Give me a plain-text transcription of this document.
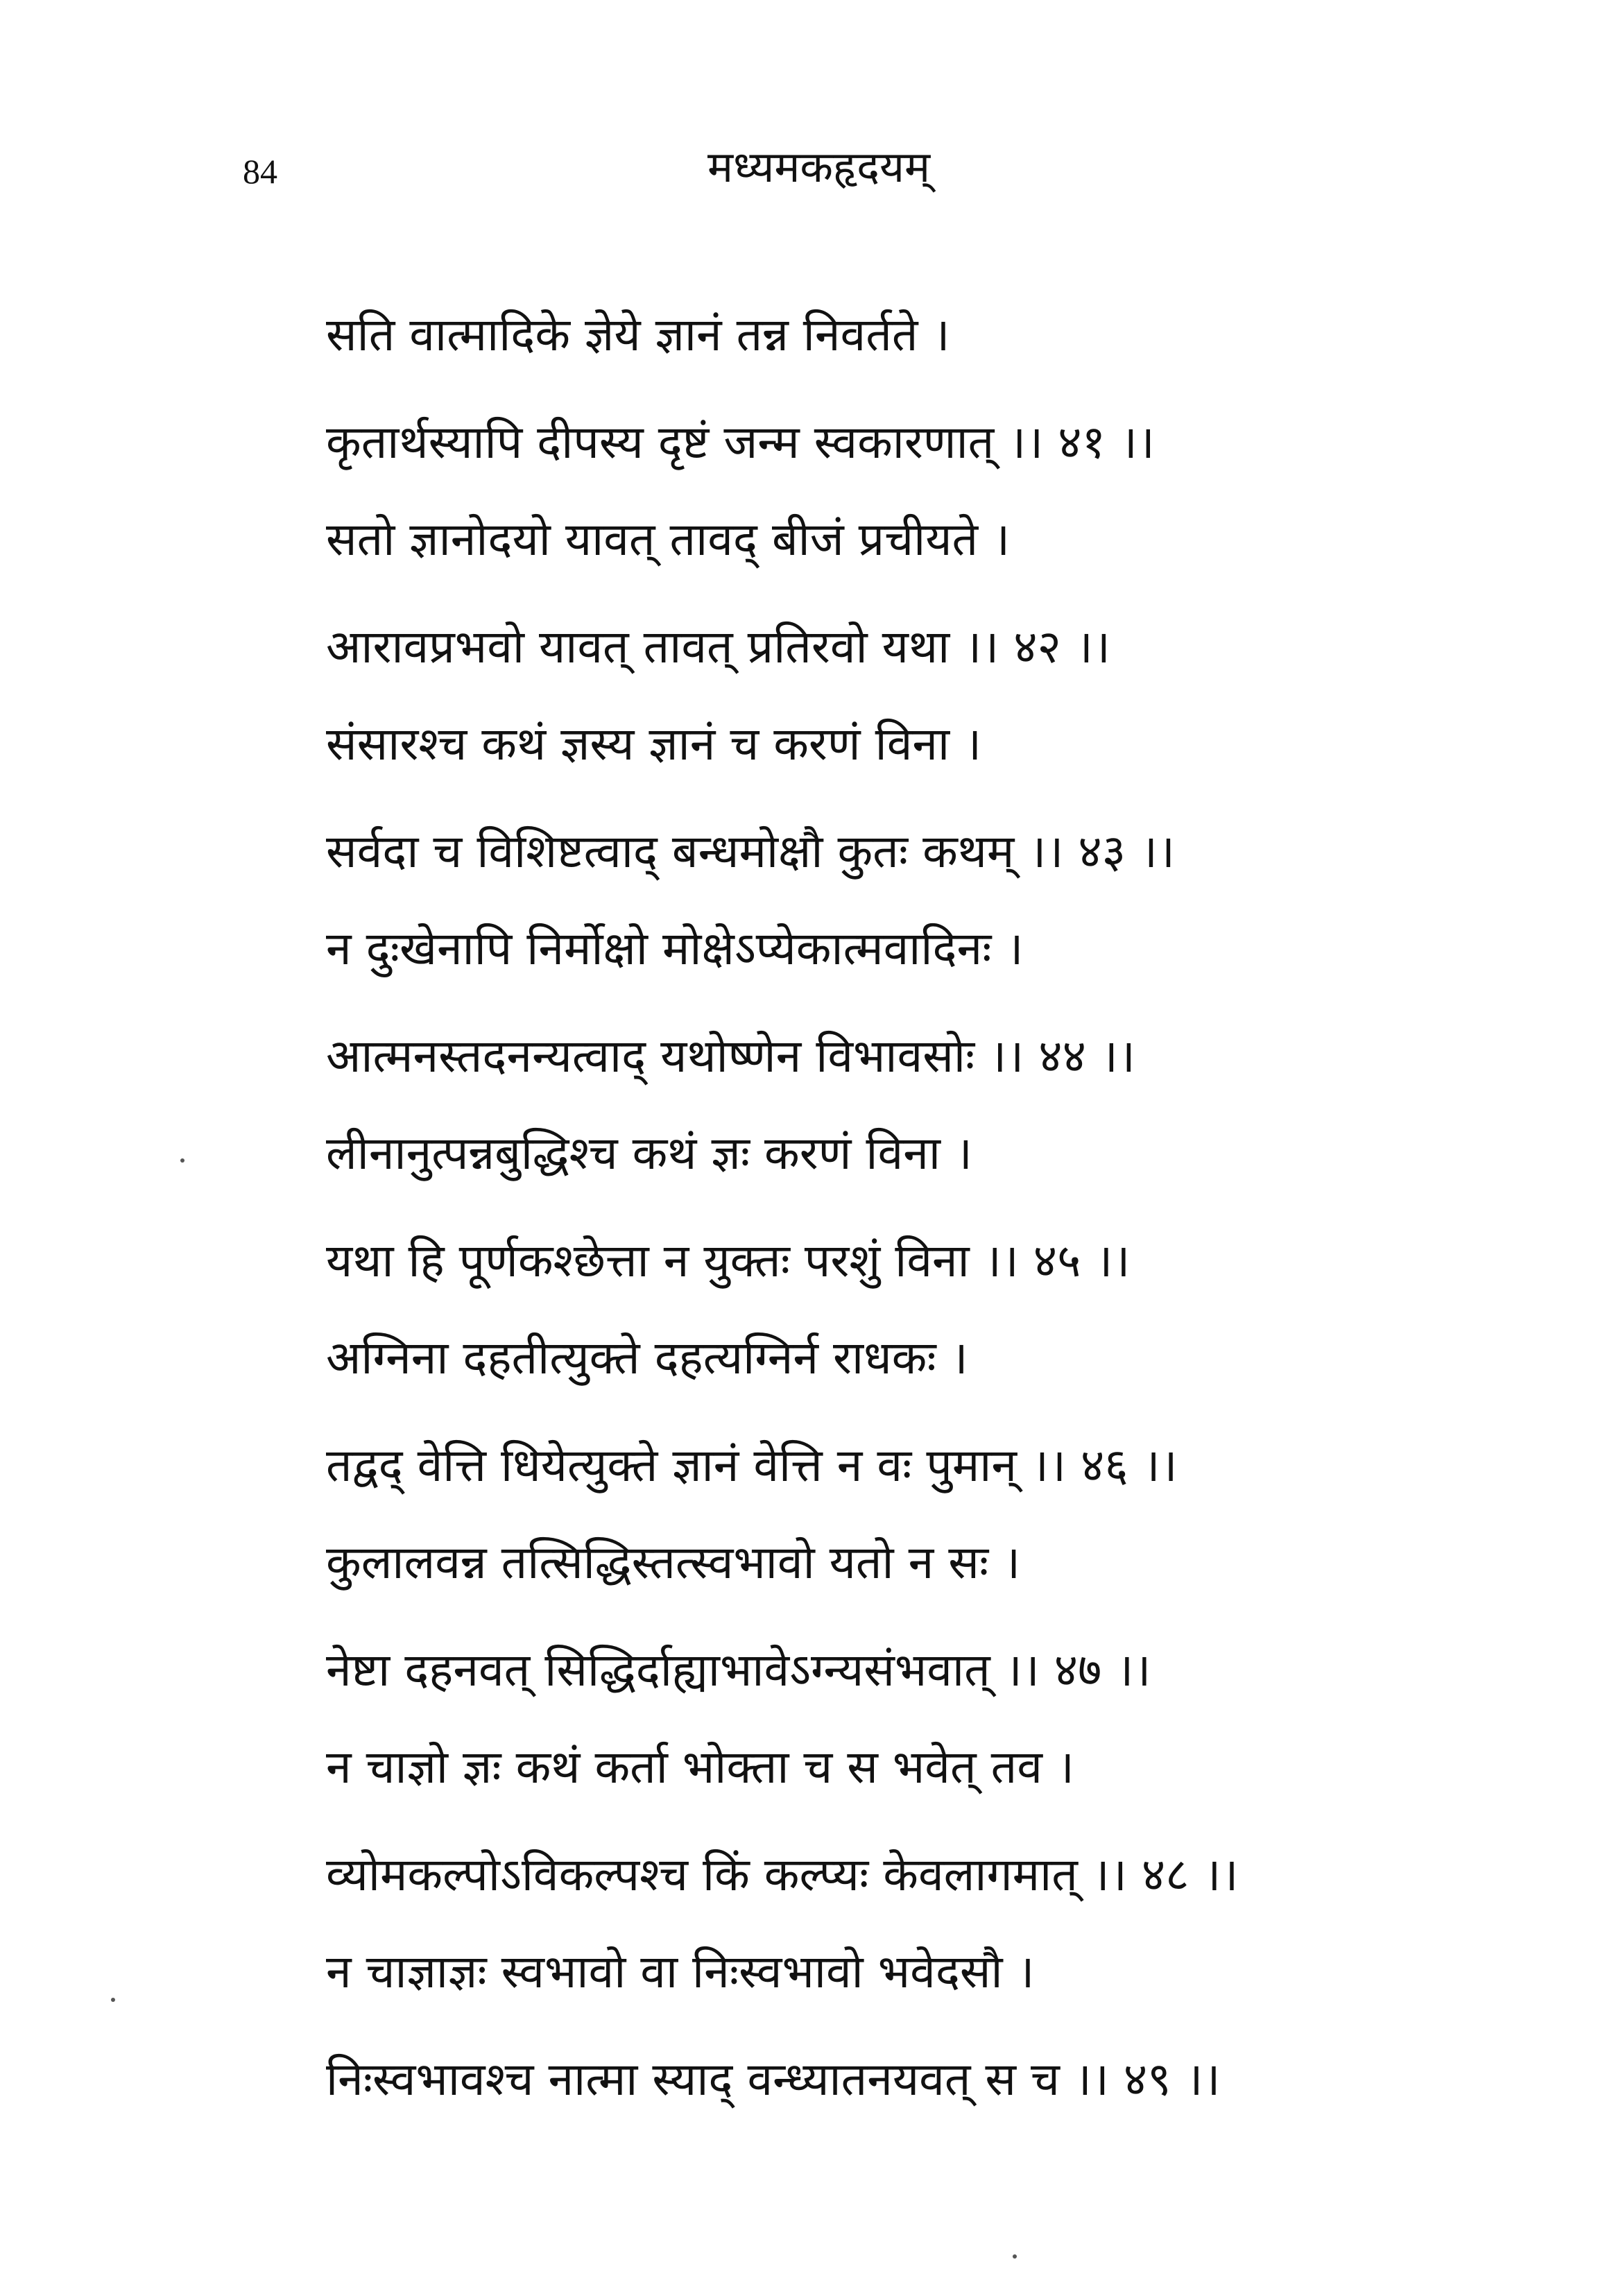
84	मध्यमकहृदयम्
सति वात्मादिके ज्ञेये ज्ञानं तन्न निवर्तते ।
कृतार्थस्यापि दीपस्य दृष्टं जन्म स्वकारणात् ।। ४१ ।।
सतो ज्ञानोदयो यावत् तावद् बीजं प्रचीयते ।
आरावप्रभवो यावत् तावत् प्रतिरवो यथा ।। ४२ ।।
संसारश्च कथं ज्ञस्य ज्ञानं च करणं विना ।
सर्वदा च विशिष्टत्वाद् बन्धमोक्षौ कुतः कथम् ।। ४३ ।।
न दुःखेनापि निर्मोक्षो मोक्षेऽप्येकात्मवादिनः ।
आत्मनस्तदनन्यत्वाद् यथोष्णेन विभावसोः ।। ४४ ।।
लीनानुत्पन्नबुद्धिश्च कथं ज्ञः करणं विना ।
यथा हि पूर्णकश्छेत्ता न युक्तः परशुं विना ।। ४५ ।।
अग्निना दहतीत्युक्ते दहत्यग्निर्न राधकः ।
तद्वद् वेत्ति धियेत्युक्ते ज्ञानं वेत्ति न वः पुमान् ।। ४६ ।।
कुलालवन्न तत्सिद्धिस्तत्स्वभावो यतो न सः ।
नेष्टा दहनवत् सिद्धिर्दाह्याभावेऽग्न्यसंभवात् ।। ४७ ।।
न चाज्ञो ज्ञः कथं कर्ता भोक्ता च स भवेत् तव ।
व्योमकल्पोऽविकल्पश्च किं कल्प्यः केवलागमात् ।। ४८ ।।
न चाज्ञाज्ञः स्वभावो वा निःस्वभावो भवेदसौ ।
निःस्वभावश्च नात्मा स्याद् वन्ध्यातनयवत् स च ।। ४९ ।।
